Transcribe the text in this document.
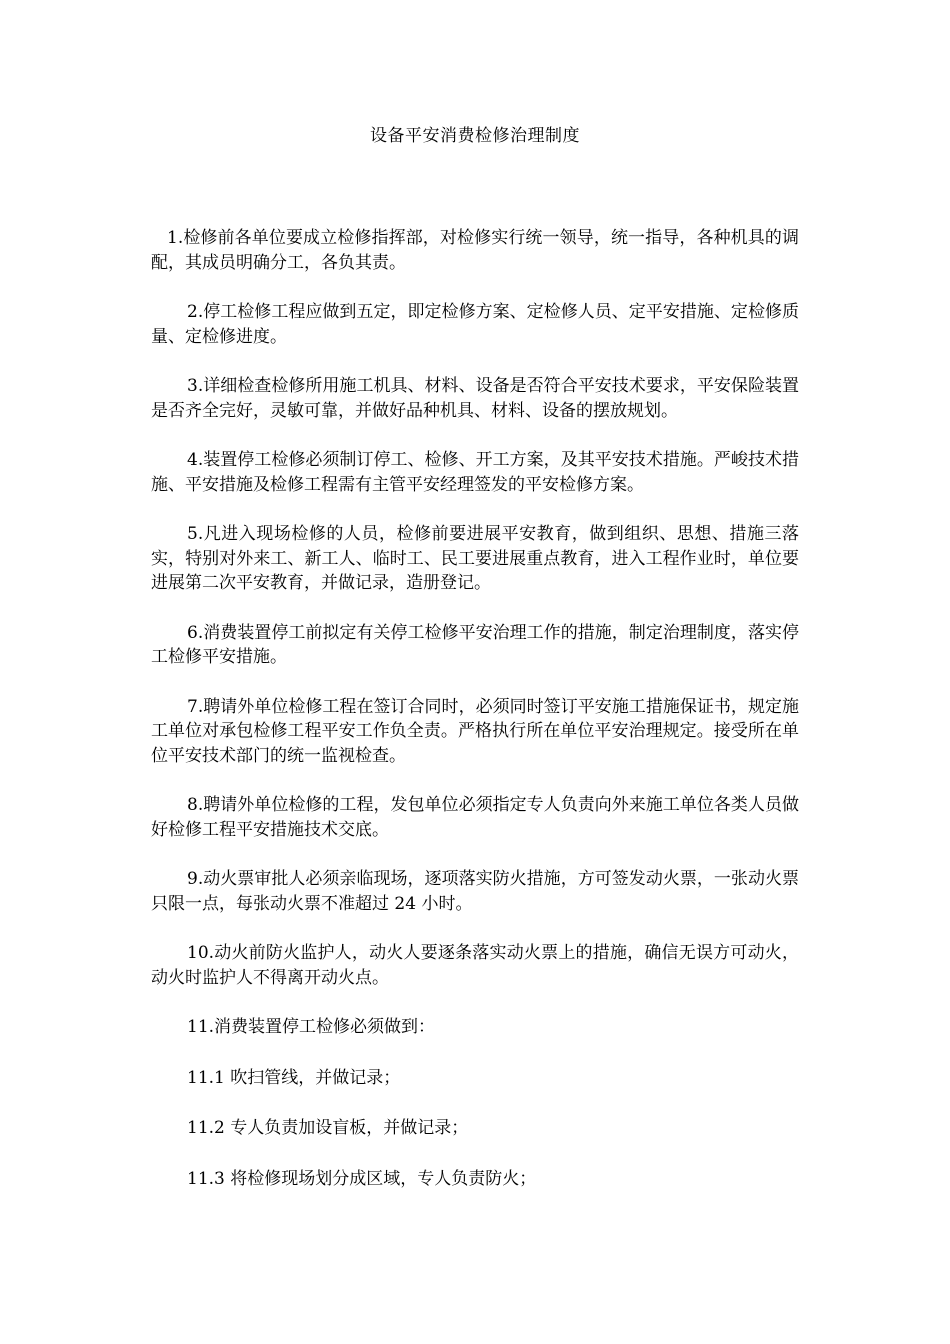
设备平安消费检修治理制度

1.检修前各单位要成立检修指挥部，对检修实行统一领导，统一指导，各种机具的调配，其成员明确分工，各负其责。

2.停工检修工程应做到五定，即定检修方案、定检修人员、定平安措施、定检修质量、定检修进度。

3.详细检查检修所用施工机具、材料、设备是否符合平安技术要求，平安保险装置是否齐全完好，灵敏可靠，并做好品种机具、材料、设备的摆放规划。

4.装置停工检修必须制订停工、检修、开工方案，及其平安技术措施。严峻技术措施、平安措施及检修工程需有主管平安经理签发的平安检修方案。

5.凡进入现场检修的人员，检修前要进展平安教育，做到组织、思想、措施三落实，特别对外来工、新工人、临时工、民工要进展重点教育，进入工程作业时，单位要进展第二次平安教育，并做记录，造册登记。

6.消费装置停工前拟定有关停工检修平安治理工作的措施，制定治理制度，落实停工检修平安措施。

7.聘请外单位检修工程在签订合同时，必须同时签订平安施工措施保证书，规定施工单位对承包检修工程平安工作负全责。严格执行所在单位平安治理规定。接受所在单位平安技术部门的统一监视检查。

8.聘请外单位检修的工程，发包单位必须指定专人负责向外来施工单位各类人员做好检修工程平安措施技术交底。

9.动火票审批人必须亲临现场，逐项落实防火措施，方可签发动火票，一张动火票只限一点，每张动火票不准超过 24 小时。

10.动火前防火监护人，动火人要逐条落实动火票上的措施，确信无误方可动火，动火时监护人不得离开动火点。

11.消费装置停工检修必须做到：

11.1 吹扫管线，并做记录；

11.2 专人负责加设盲板，并做记录；

11.3 将检修现场划分成区域，专人负责防火；
